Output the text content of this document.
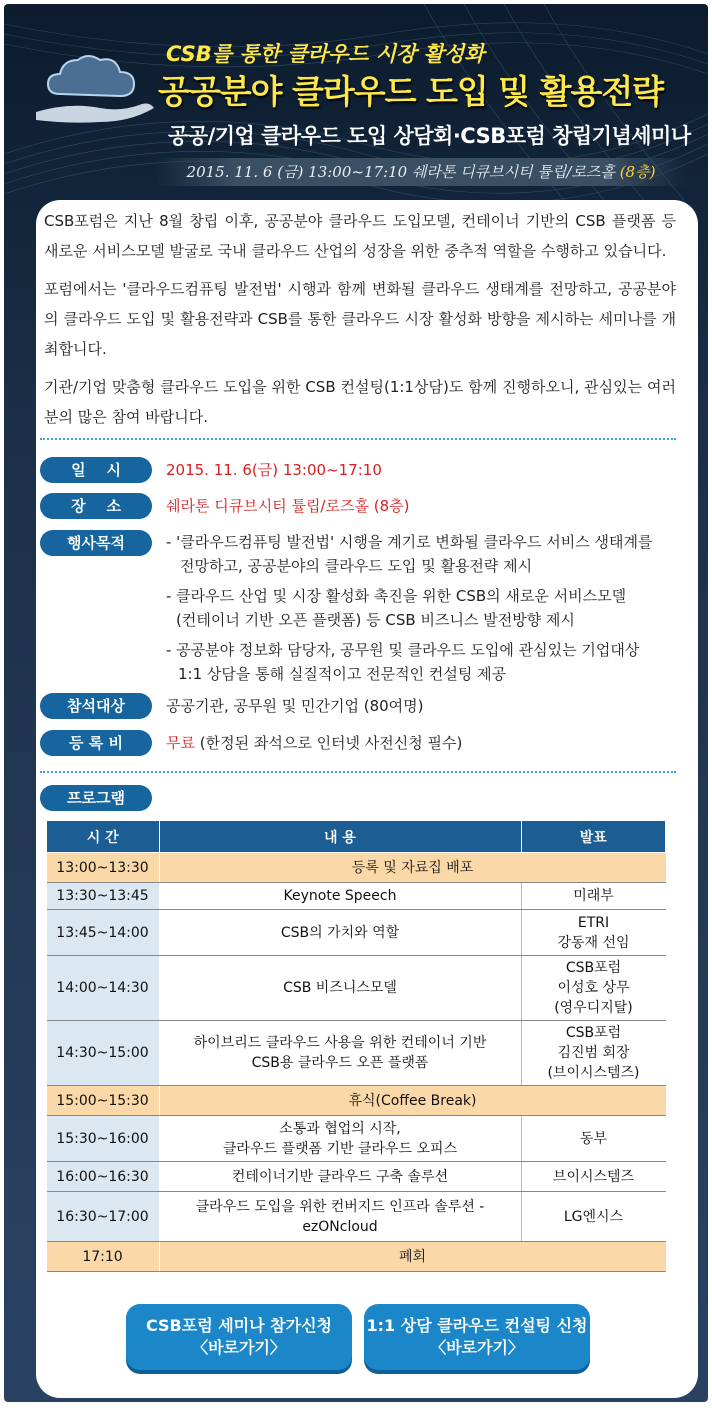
CSB를 통한 클라우드 시장 활성화
공공분야 클라우드 도입 및 활용전략
공공/기업 클라우드 도입 상담회·CSB포럼 창립기념세미나
2015. 11. 6 (금) 13:00~17:10 쉐라톤 디큐브시티 튤립/로즈홀 (8층)

CSB포럼은 지난 8월 창립 이후, 공공분야 클라우드 도입모델, 컨테이너 기반의 CSB 플랫폼 등 새로운 서비스모델 발굴로 국내 클라우드 산업의 성장을 위한 중추적 역할을 수행하고 있습니다.

포럼에서는 '클라우드컴퓨팅 발전법' 시행과 함께 변화될 클라우드 생태계를 전망하고, 공공분야의 클라우드 도입 및 활용전략과 CSB를 통한 클라우드 시장 활성화 방향을 제시하는 세미나를 개최합니다.

기관/기업 맞춤형 클라우드 도입을 위한 CSB 컨설팅(1:1상담)도 함께 진행하오니, 관심있는 여러분의 많은 참여 바랍니다.

일    시	2015. 11. 6(금) 13:00~17:10
장    소	쉐라톤 디큐브시티 튤립/로즈홀 (8층)
행사목적	- '클라우드컴퓨팅 발전법' 시행을 계기로 변화될 클라우드 서비스 생태계를
전망하고, 공공분야의 클라우드 도입 및 활용전략 제시
- 클라우드 산업 및 시장 활성화 촉진을 위한 CSB의 새로운 서비스모델
(컨테이너 기반 오픈 플랫폼) 등 CSB 비즈니스 발전방향 제시
- 공공분야 정보화 담당자, 공무원 및 클라우드 도입에 관심있는 기업대상
1:1 상담을 통해 실질적이고 전문적인 컨설팅 제공
참석대상	공공기관, 공무원 및 민간기업 (80여명)
등 록 비	무료 (한정된 좌석으로 인터넷 사전신청 필수)
프로그램
시 간	내 용	발표
13:00~13:30	등록 및 자료집 배포	
13:30~13:45	Keynote Speech	미래부
13:45~14:00	CSB의 가치와 역할	ETRI
강동재 선임
14:00~14:30	CSB 비즈니스모델	CSB포럼
이성호 상무
(영우디지탈)
14:30~15:00	하이브리드 클라우드 사용을 위한 컨테이너 기반
CSB용 클라우드 오픈 플랫폼	CSB포럼
김진범 회장
(브이시스템즈)
15:00~15:30	휴식(Coffee Break)	
15:30~16:00	소통과 협업의 시작,
클라우드 플랫폼 기반 클라우드 오피스	동부
16:00~16:30	컨테이너기반 클라우드 구축 솔루션	브이시스템즈
16:30~17:00	클라우드 도입을 위한 컨버지드 인프라 솔루션 -
ezONcloud	LG엔시스
17:10	폐회	
CSB포럼 세미나 참가신청
〈바로가기〉
1:1 상담 클라우드 컨설팅 신청
〈바로가기〉
